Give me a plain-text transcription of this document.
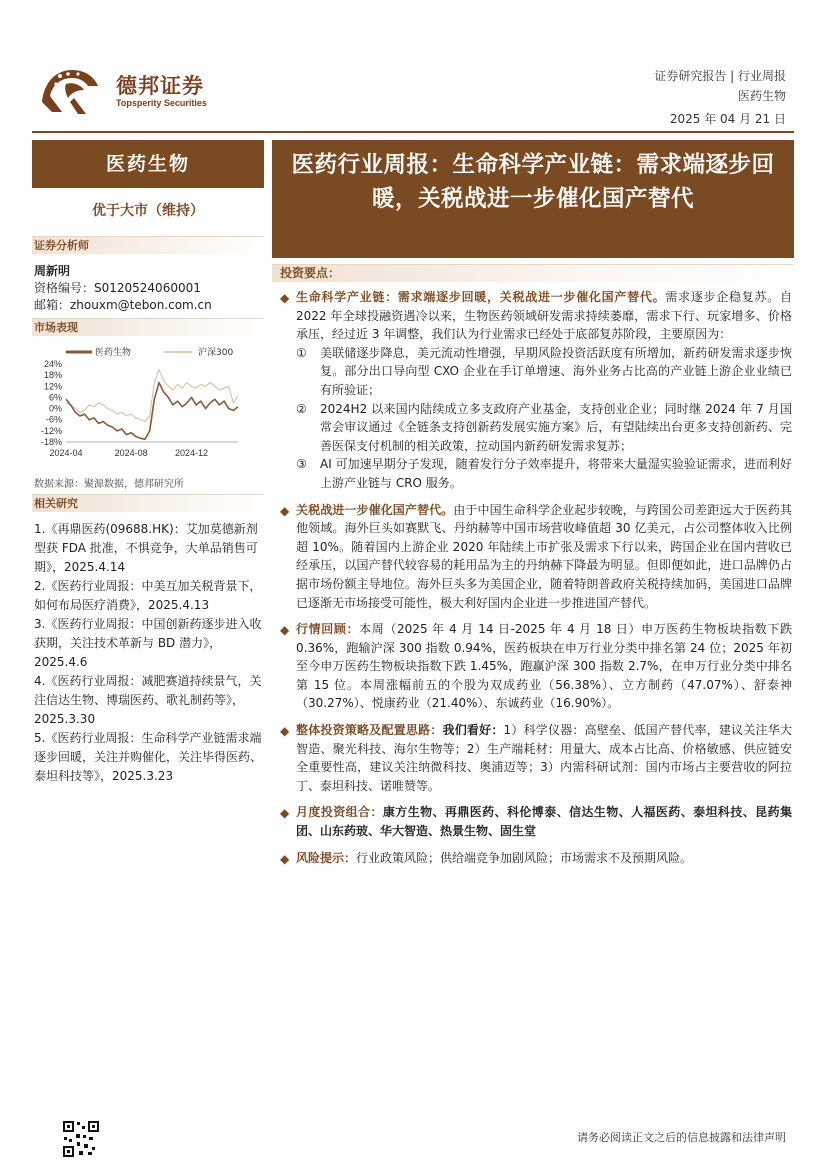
德邦证券
Topsperity Securities
证券研究报告 | 行业周报
医药生物
2025 年 04 月 21 日
医药生物
优于大市（维持）
证券分析师
周新明
资格编号：S0120524060001
邮箱：zhouxm@tebon.com.cn
市场表现
24%
18%
12%
6%
0%
-6%
-12%
-18%
2024-04	2024-08	2024-12
医药生物	沪深300
数据来源：聚源数据，德邦研究所
相关研究
1.《再鼎医药(09688.HK)：艾加莫德新剂型获 FDA 批准，不惧竞争，大单品销售可期》，2025.4.14
2.《医药行业周报：中美互加关税背景下，如何布局医疗消费》，2025.4.13
3.《医药行业周报：中国创新药逐步进入收获期，关注技术革新与 BD 潜力》，2025.4.6
4.《医药行业周报：减肥赛道持续景气，关注信达生物、博瑞医药、歌礼制药等》，2025.3.30
5.《医药行业周报：生命科学产业链需求端逐步回暖，关注并购催化，关注毕得医药、泰坦科技等》，2025.3.23
医药行业周报：生命科学产业链：需求端逐步回暖，关税战进一步催化国产替代
投资要点：
◆ 生命科学产业链：需求端逐步回暖，关税战进一步催化国产替代。需求逐步企稳复苏。自 2022 年全球投融资遇冷以来，生物医药领域研发需求持续萎靡，需求下行、玩家增多、价格承压，经过近 3 年调整，我们认为行业需求已经处于底部复苏阶段，主要原因为：
① 美联储逐步降息，美元流动性增强，早期风险投资活跃度有所增加，新药研发需求逐步恢复。部分出口导向型 CXO 企业在手订单增速、海外业务占比高的产业链上游企业业绩已有所验证；
② 2024H2 以来国内陆续成立多支政府产业基金，支持创业企业；同时继 2024 年 7 月国常会审议通过《全链条支持创新药发展实施方案》后，有望陆续出台更多支持创新药、完善医保支付机制的相关政策，拉动国内新药研发需求复苏；
③ AI 可加速早期分子发现，随着发行分子效率提升，将带来大量湿实验验证需求，进而利好上游产业链与 CRO 服务。
◆ 关税战进一步催化国产替代。由于中国生命科学企业起步较晚，与跨国公司差距远大于医药其他领域。海外巨头如赛默飞、丹纳赫等中国市场营收峰值超 30 亿美元，占公司整体收入比例超 10%。随着国内上游企业 2020 年陆续上市扩张及需求下行以来，跨国企业在国内营收已经承压，以国产替代较容易的耗用品为主的丹纳赫下降最为明显。但即便如此，进口品牌仍占据市场份额主导地位。海外巨头多为美国企业，随着特朗普政府关税持续加码，美国进口品牌已逐渐无市场接受可能性，极大利好国内企业进一步推进国产替代。
◆ 行情回顾：本周（2025 年 4 月 14 日-2025 年 4 月 18 日）申万医药生物板块指数下跌 0.36%，跑输沪深 300 指数 0.94%，医药板块在申万行业分类中排名第 24 位；2025 年初至今申万医药生物板块指数下跌 1.45%，跑赢沪深 300 指数 2.7%，在申万行业分类中排名第 15 位。本周涨幅前五的个股为双成药业（56.38%）、立方制药（47.07%）、舒泰神（30.27%）、悦康药业（21.40%）、东诚药业（16.90%）。
◆ 整体投资策略及配置思路：我们看好：1）科学仪器：高壁垒、低国产替代率，建议关注华大智造、聚光科技、海尔生物等；2）生产端耗材：用量大、成本占比高、价格敏感、供应链安全重要性高，建议关注纳微科技、奥浦迈等；3）内需科研试剂：国内市场占主要营收的阿拉丁、泰坦科技、诺唯赞等。
◆ 月度投资组合：康方生物、再鼎医药、科伦博泰、信达生物、人福医药、泰坦科技、昆药集团、山东药玻、华大智造、热景生物、固生堂
◆ 风险提示：行业政策风险；供给端竞争加剧风险；市场需求不及预期风险。
请务必阅读正文之后的信息披露和法律声明
